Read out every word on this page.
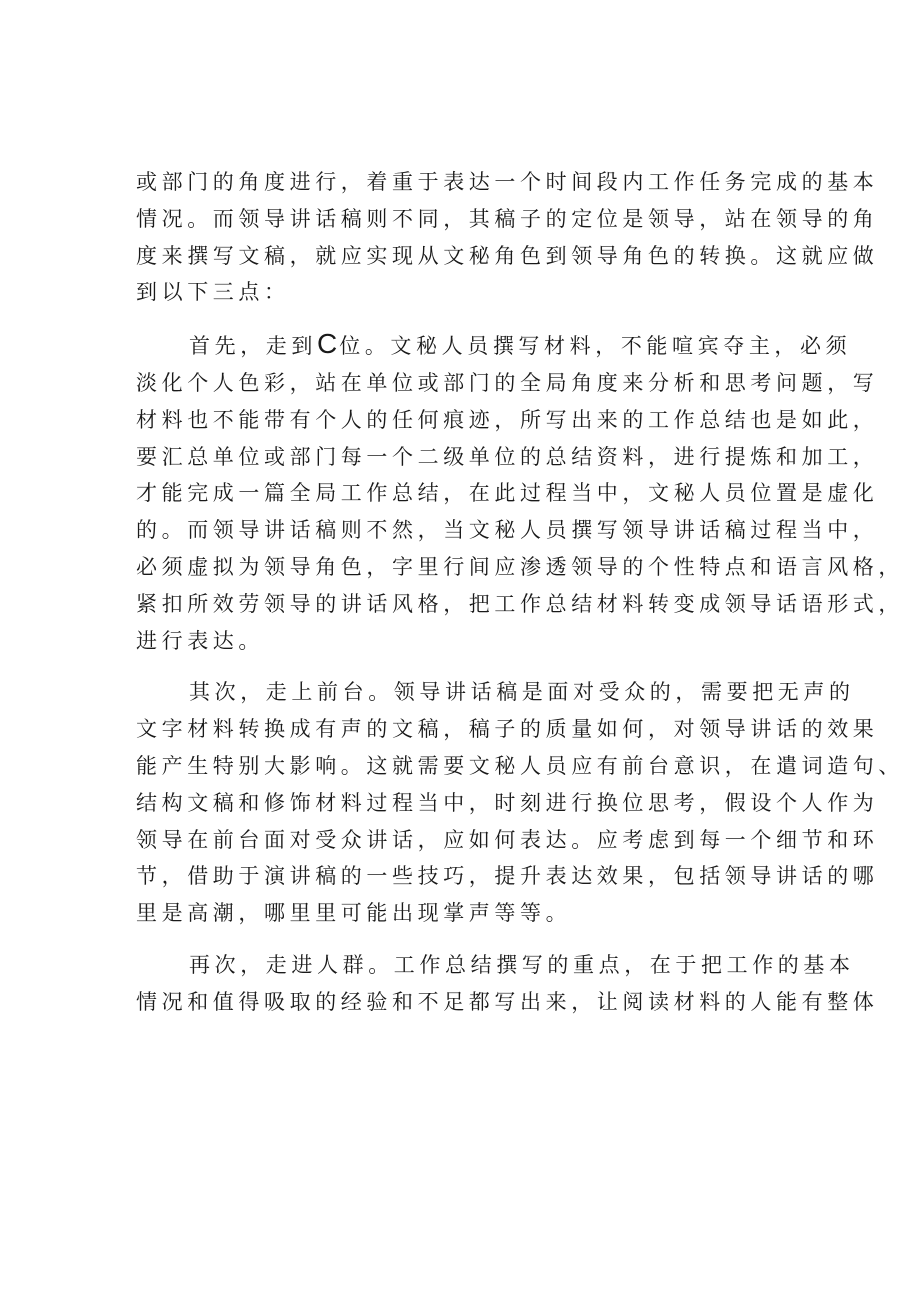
或部门的角度进行，着重于表达一个时间段内工作任务完成的基本
情况。而领导讲话稿则不同，其稿子的定位是领导，站在领导的角
度来撰写文稿，就应实现从文秘角色到领导角色的转换。这就应做
到以下三点：

首先，走到C位。文秘人员撰写材料，不能喧宾夺主，必须
淡化个人色彩，站在单位或部门的全局角度来分析和思考问题，写
材料也不能带有个人的任何痕迹，所写出来的工作总结也是如此，
要汇总单位或部门每一个二级单位的总结资料，进行提炼和加工，
才能完成一篇全局工作总结，在此过程当中，文秘人员位置是虚化
的。而领导讲话稿则不然，当文秘人员撰写领导讲话稿过程当中，
必须虚拟为领导角色，字里行间应渗透领导的个性特点和语言风格，
紧扣所效劳领导的讲话风格，把工作总结材料转变成领导话语形式，
进行表达。

其次，走上前台。领导讲话稿是面对受众的，需要把无声的
文字材料转换成有声的文稿，稿子的质量如何，对领导讲话的效果
能产生特别大影响。这就需要文秘人员应有前台意识，在遣词造句、
结构文稿和修饰材料过程当中，时刻进行换位思考，假设个人作为
领导在前台面对受众讲话，应如何表达。应考虑到每一个细节和环
节，借助于演讲稿的一些技巧，提升表达效果，包括领导讲话的哪
里是高潮，哪里里可能出现掌声等等。

再次，走进人群。工作总结撰写的重点，在于把工作的基本
情况和值得吸取的经验和不足都写出来，让阅读材料的人能有整体
